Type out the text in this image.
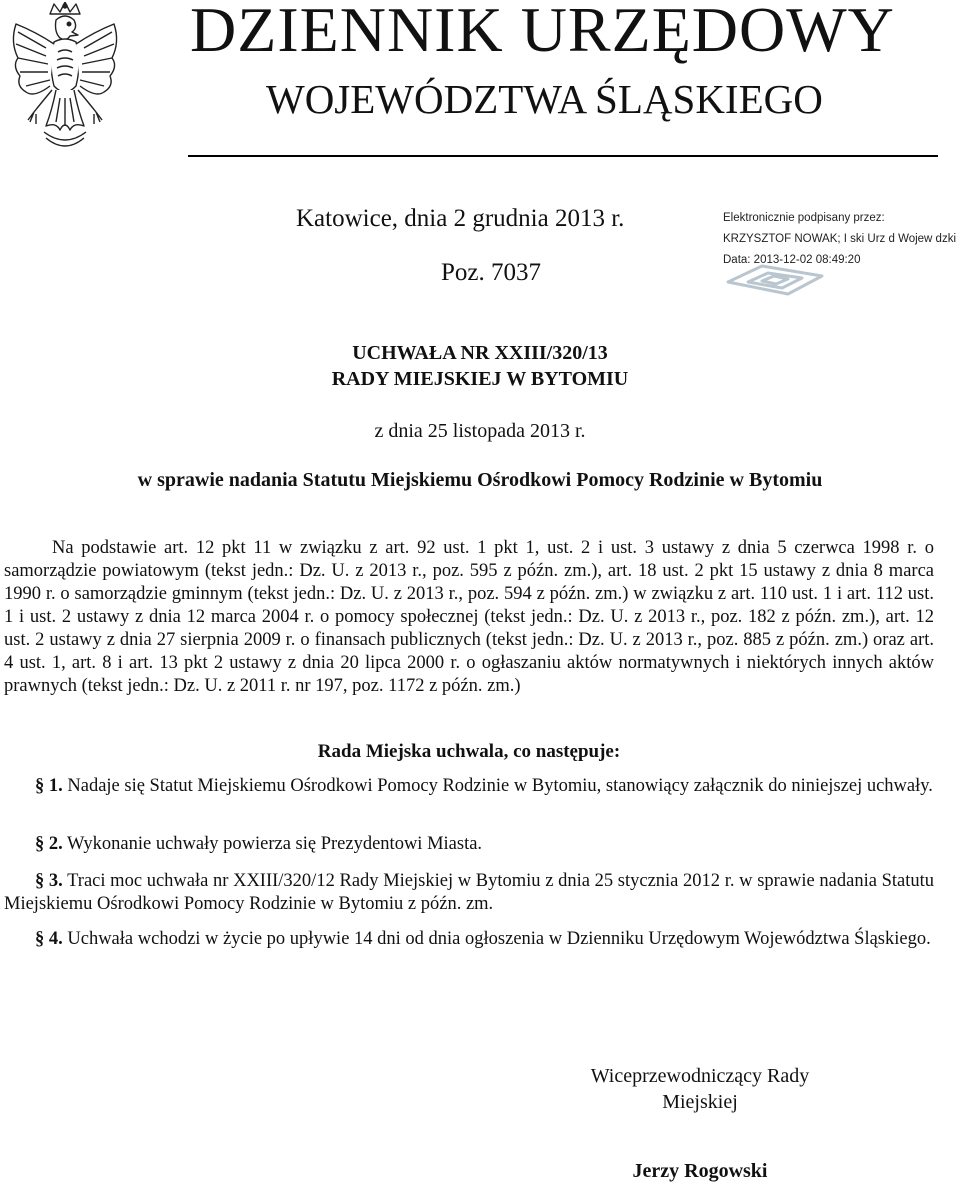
DZIENNIK URZĘDOWY
WOJEWÓDZTWA ŚLĄSKIEGO
Katowice, dnia 2 grudnia 2013 r.
Poz. 7037
Elektronicznie podpisany przez:
KRZYSZTOF NOWAK; I ski Urz d Wojew dzki
Data: 2013-12-02 08:49:20
UCHWAŁA NR XXIII/320/13
RADY MIEJSKIEJ W BYTOMIU
z dnia 25 listopada 2013 r.
w sprawie nadania Statutu Miejskiemu Ośrodkowi Pomocy Rodzinie w Bytomiu
Na podstawie art. 12 pkt 11 w związku z art. 92 ust. 1 pkt 1, ust. 2 i ust. 3 ustawy z dnia 5 czerwca 1998 r. o samorządzie powiatowym (tekst jedn.: Dz. U. z 2013 r., poz. 595 z późn. zm.), art. 18 ust. 2 pkt 15 ustawy z dnia 8 marca 1990 r. o samorządzie gminnym (tekst jedn.: Dz. U. z 2013 r., poz. 594 z późn. zm.) w związku z art. 110 ust. 1 i art. 112 ust. 1 i ust. 2 ustawy z dnia 12 marca 2004 r. o pomocy społecznej (tekst jedn.: Dz. U. z 2013 r., poz. 182 z późn. zm.), art. 12 ust. 2 ustawy z dnia 27 sierpnia 2009 r. o finansach publicznych (tekst jedn.: Dz. U. z 2013 r., poz. 885 z późn. zm.) oraz art. 4 ust. 1, art. 8 i art. 13 pkt 2 ustawy z dnia 20 lipca 2000 r. o ogłaszaniu aktów normatywnych i niektórych innych aktów prawnych (tekst jedn.: Dz. U. z 2011 r. nr 197, poz. 1172 z późn. zm.)
Rada Miejska uchwala, co następuje:
§ 1. Nadaje się Statut Miejskiemu Ośrodkowi Pomocy Rodzinie w Bytomiu, stanowiący załącznik do niniejszej uchwały.
§ 2. Wykonanie uchwały powierza się Prezydentowi Miasta.
§ 3. Traci moc uchwała nr XXIII/320/12 Rady Miejskiej w Bytomiu z dnia 25 stycznia 2012 r. w sprawie nadania Statutu Miejskiemu Ośrodkowi Pomocy Rodzinie w Bytomiu z późn. zm.
§ 4. Uchwała wchodzi w życie po upływie 14 dni od dnia ogłoszenia w Dzienniku Urzędowym Województwa Śląskiego.
Wiceprzewodniczący Rady
Miejskiej
Jerzy Rogowski
